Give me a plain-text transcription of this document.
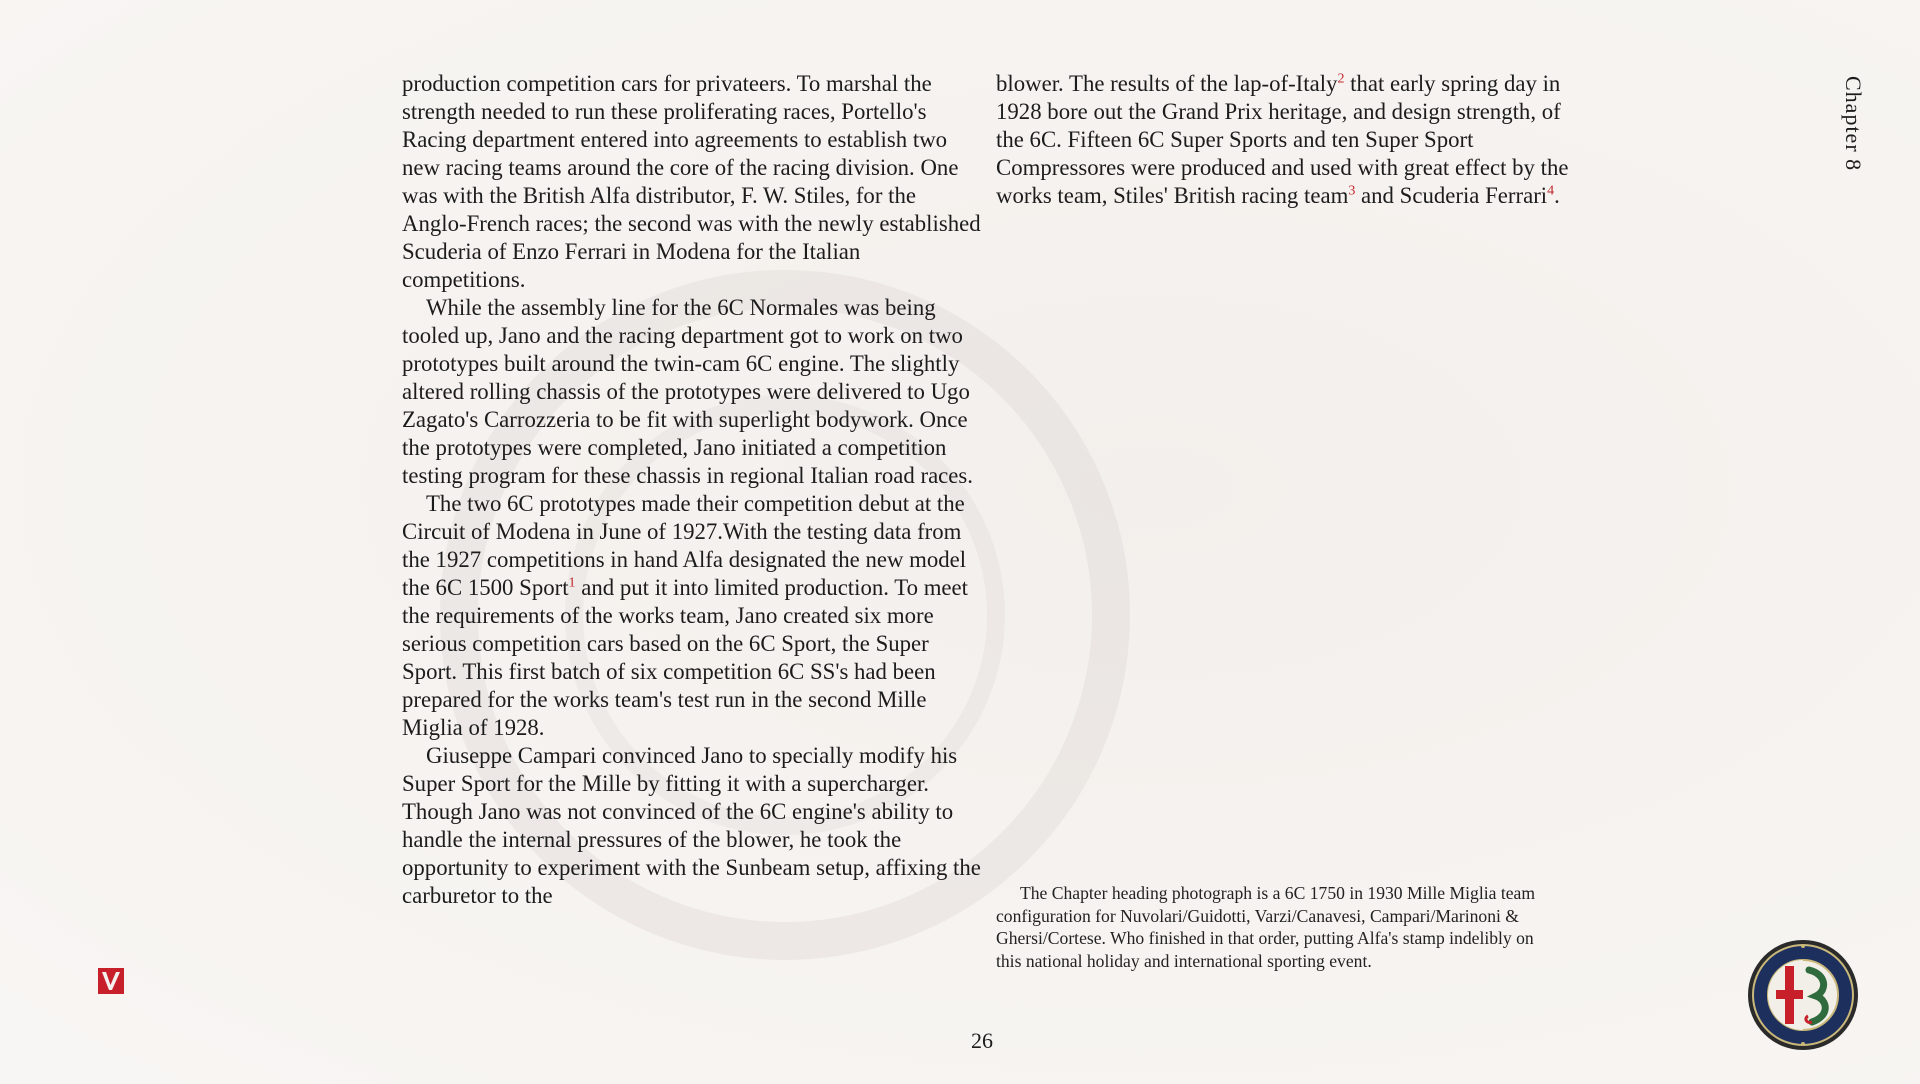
Chapter 8

production competition cars for privateers. To marshal the strength needed to run these proliferating races, Portello's Racing department entered into agreements to establish two new racing teams around the core of the racing division. One was with the British Alfa distributor, F. W. Stiles, for the Anglo-French races; the second was with the newly established Scuderia of Enzo Ferrari in Modena for the Italian competitions.

While the assembly line for the 6C Normales was being tooled up, Jano and the racing department got to work on two prototypes built around the twin-cam 6C engine. The slightly altered rolling chassis of the prototypes were delivered to Ugo Zagato's Carrozzeria to be fit with superlight bodywork. Once the prototypes were completed, Jano initiated a competition testing program for these chassis in regional Italian road races.

The two 6C prototypes made their competition debut at the Circuit of Modena in June of 1927.With the testing data from the 1927 competitions in hand Alfa designated the new model the 6C 1500 Sport$^1$ and put it into limited production. To meet the requirements of the works team, Jano created six more serious competition cars based on the 6C Sport, the Super Sport. This first batch of six competition 6C SS's had been prepared for the works team's test run in the second Mille Miglia of 1928.

Giuseppe Campari convinced Jano to specially modify his Super Sport for the Mille by fitting it with a supercharger. Though Jano was not convinced of the 6C engine's ability to handle the internal pressures of the blower, he took the opportunity to experiment with the Sunbeam setup, affixing the carburetor to the

blower. The results of the lap-of-Italy$^2$ that early spring day in 1928 bore out the Grand Prix heritage, and design strength, of the 6C. Fifteen 6C Super Sports and ten Super Sport Compressores were produced and used with great effect by the works team, Stiles' British racing team$^3$ and Scuderia Ferrari$^4$.

The Chapter heading photograph is a 6C 1750 in 1930 Mille Miglia team configuration for Nuvolari/Guidotti, Varzi/Canavesi, Campari/Marinoni & Ghersi/Cortese. Who finished in that order, putting Alfa's stamp indelibly on this national holiday and international sporting event.

26
